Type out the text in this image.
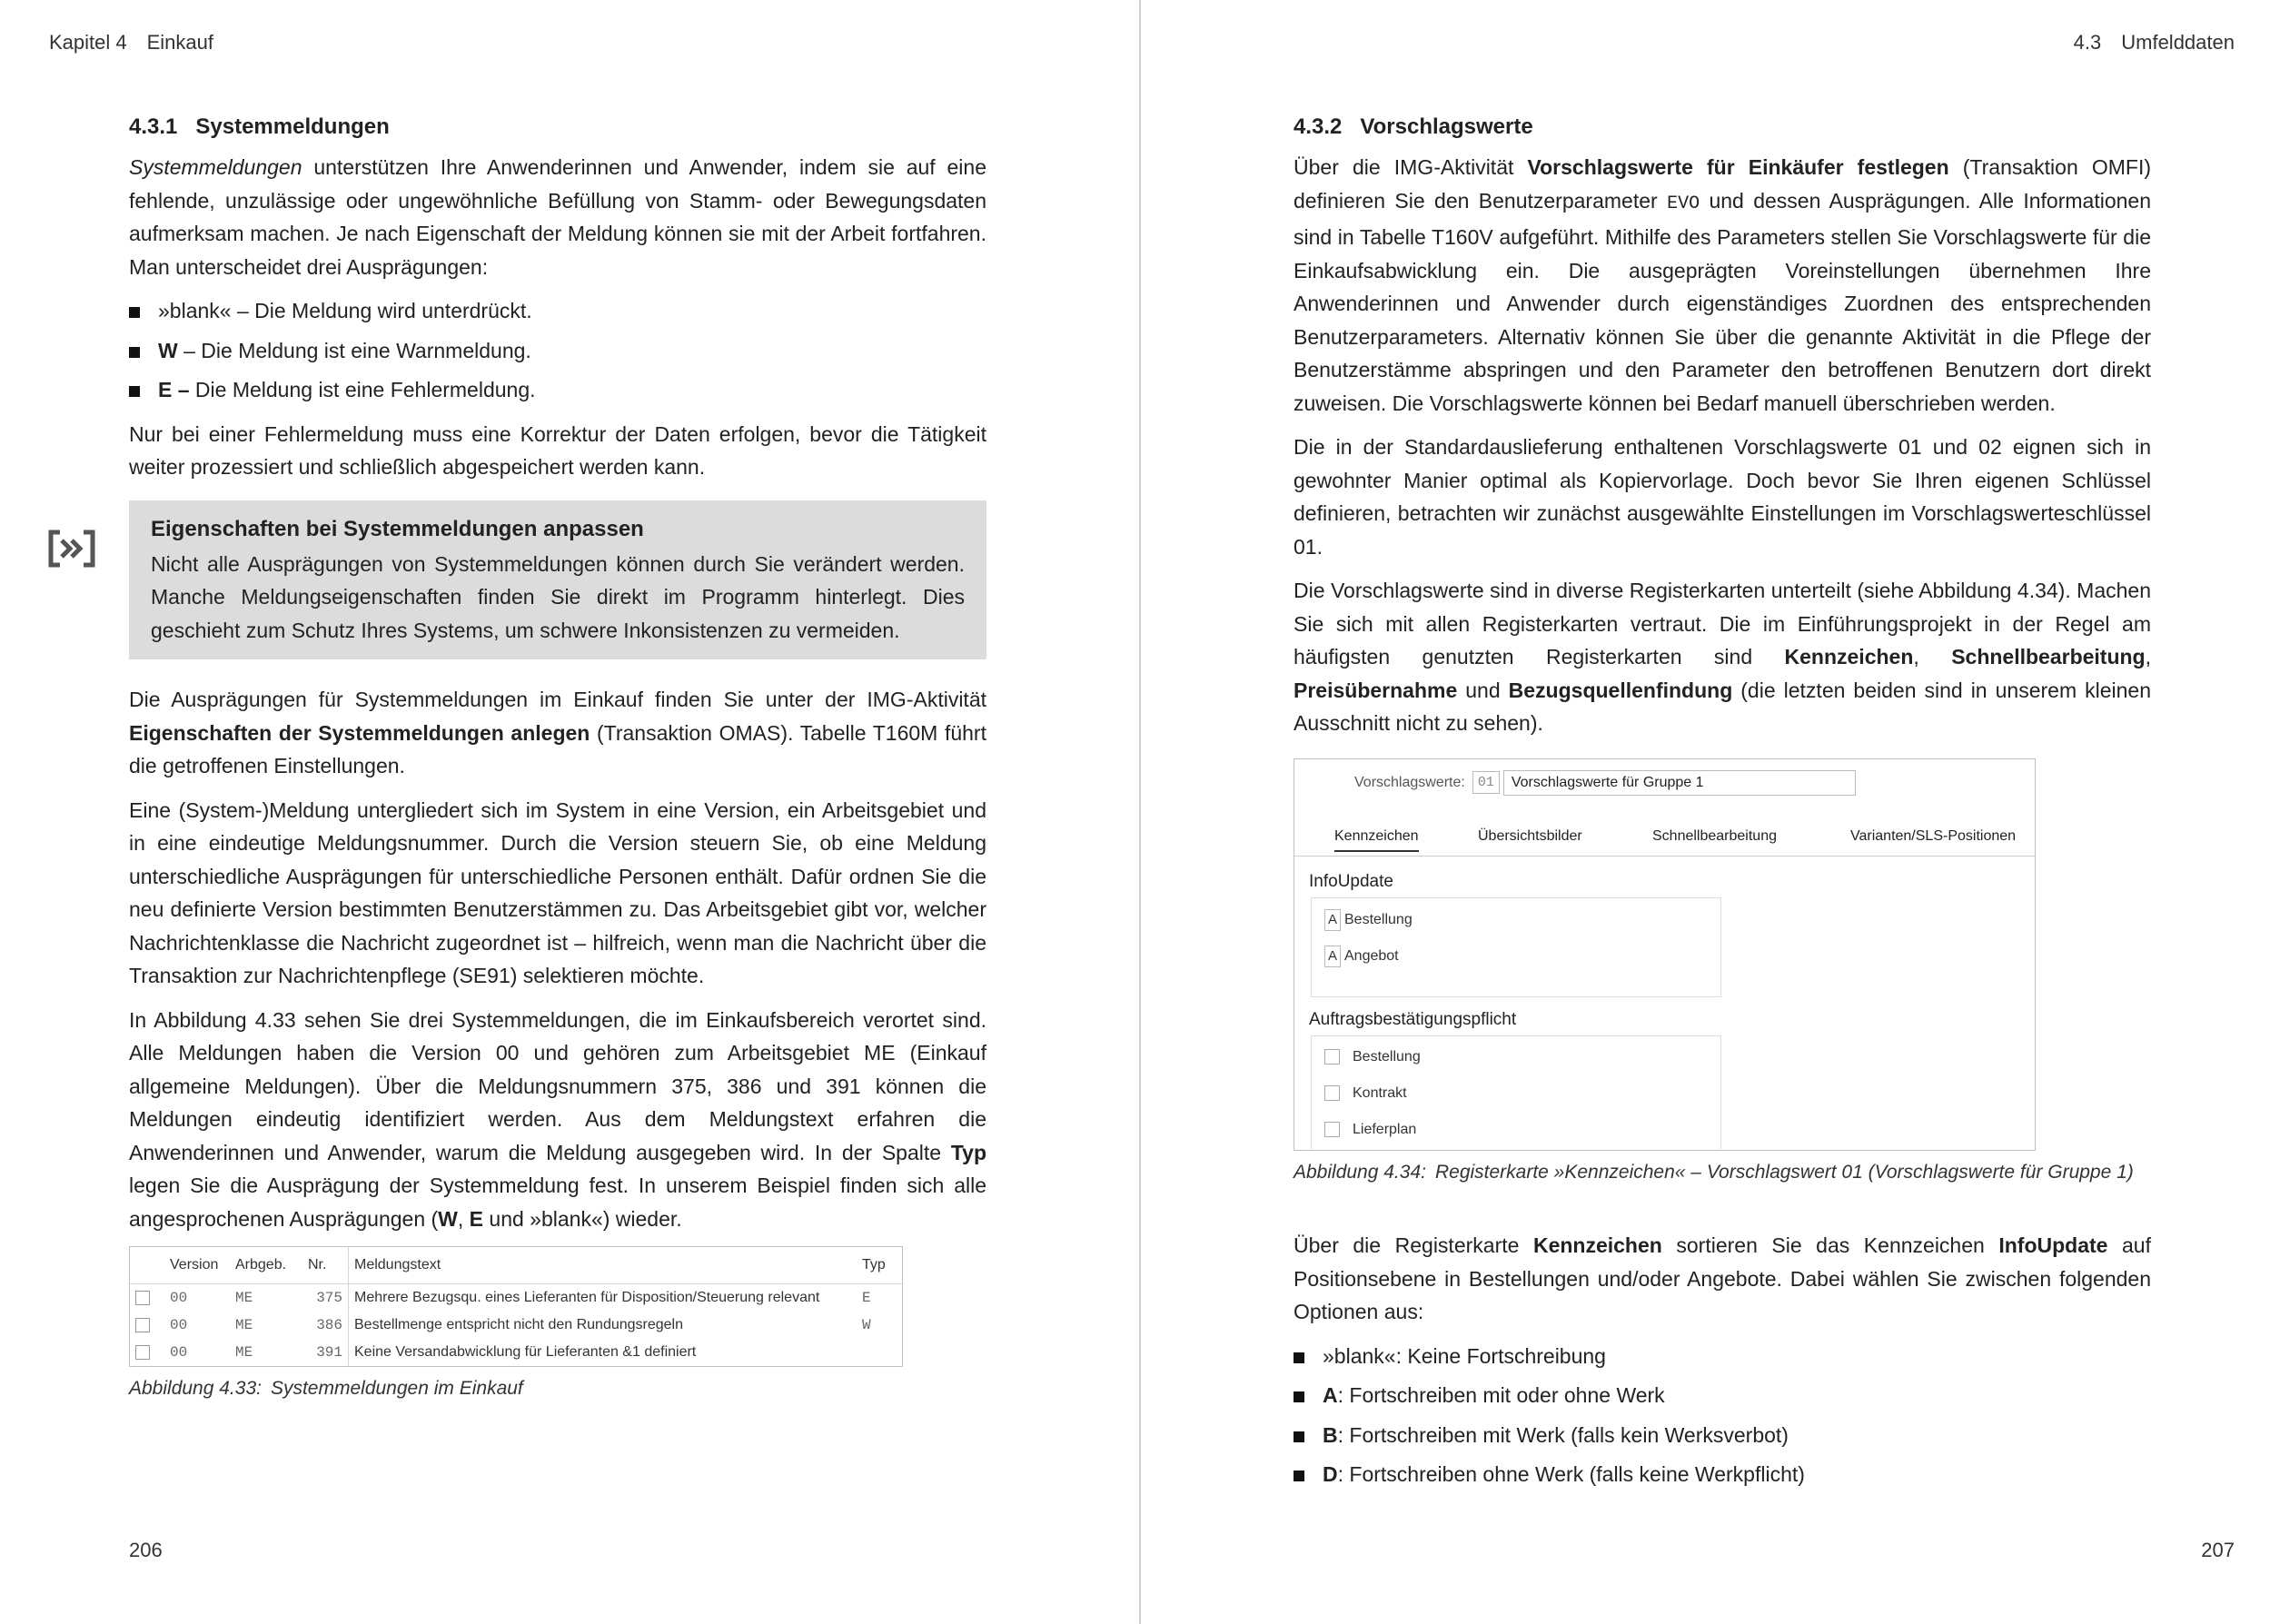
Kapitel 4 Einkauf
4.3.1 Systemmeldungen

Systemmeldungen unterstützen Ihre Anwenderinnen und Anwender, indem sie auf eine fehlende, unzulässige oder ungewöhnliche Befüllung von Stamm- oder Bewegungsdaten aufmerksam machen. Je nach Eigenschaft der Meldung können sie mit der Arbeit fortfahren. Man unterscheidet drei Ausprägungen:

»blank« – Die Meldung wird unterdrückt.
W – Die Meldung ist eine Warnmeldung.
E – Die Meldung ist eine Fehlermeldung.

Nur bei einer Fehlermeldung muss eine Korrektur der Daten erfolgen, bevor die Tätigkeit weiter prozessiert und schließlich abgespeichert werden kann.

Eigenschaften bei Systemmeldungen anpassen

Nicht alle Ausprägungen von Systemmeldungen können durch Sie verändert werden. Manche Meldungseigenschaften finden Sie direkt im Programm hinterlegt. Dies geschieht zum Schutz Ihres Systems, um schwere Inkonsistenzen zu vermeiden.

Die Ausprägungen für Systemmeldungen im Einkauf finden Sie unter der IMG-Aktivität Eigenschaften der Systemmeldungen anlegen (Transaktion OMAS). Tabelle T160M führt die getroffenen Einstellungen.

Eine (System-)Meldung untergliedert sich im System in eine Version, ein Arbeitsgebiet und in eine eindeutige Meldungsnummer. Durch die Version steuern Sie, ob eine Meldung unterschiedliche Ausprägungen für unterschiedliche Personen enthält. Dafür ordnen Sie die neu definierte Version bestimmten Benutzerstämmen zu. Das Arbeitsgebiet gibt vor, welcher Nachrichtenklasse die Nachricht zugeordnet ist – hilfreich, wenn man die Nachricht über die Transaktion zur Nachrichtenpflege (SE91) selektieren möchte.

In Abbildung 4.33 sehen Sie drei Systemmeldungen, die im Einkaufsbereich verortet sind. Alle Meldungen haben die Version 00 und gehören zum Arbeitsgebiet ME (Einkauf allgemeine Meldungen). Über die Meldungsnummern 375, 386 und 391 können die Meldungen eindeutig identifiziert werden. Aus dem Meldungstext erfahren die Anwenderinnen und Anwender, warum die Meldung ausgegeben wird. In der Spalte Typ legen Sie die Ausprägung der Systemmeldung fest. In unserem Beispiel finden sich alle angesprochenen Ausprägungen (W, E und »blank«) wieder.

	Version	Arbgeb.	Nr.	Meldungstext	Typ
	00	ME	375	Mehrere Bezugsqu. eines Lieferanten für Disposition/Steuerung relevant	E
	00	ME	386	Bestellmenge entspricht nicht den Rundungsregeln	W
	00	ME	391	Keine Versandabwicklung für Lieferanten &1 definiert	

Abbildung 4.33: Systemmeldungen im Einkauf

206
4.3 Umfelddaten
4.3.2 Vorschlagswerte

Über die IMG-Aktivität Vorschlagswerte für Einkäufer festlegen (Transaktion OMFI) definieren Sie den Benutzerparameter EVO und dessen Ausprägungen. Alle Informationen sind in Tabelle T160V aufgeführt. Mithilfe des Parameters stellen Sie Vorschlagswerte für die Einkaufsabwicklung ein. Die ausgeprägten Voreinstellungen übernehmen Ihre Anwenderinnen und Anwender durch eigenständiges Zuordnen des entsprechenden Benutzerparameters. Alternativ können Sie über die genannte Aktivität in die Pflege der Benutzerstämme abspringen und den Parameter den betroffenen Benutzern dort direkt zuweisen. Die Vorschlagswerte können bei Bedarf manuell überschrieben werden.

Die in der Standardauslieferung enthaltenen Vorschlagswerte 01 und 02 eignen sich in gewohnter Manier optimal als Kopiervorlage. Doch bevor Sie Ihren eigenen Schlüssel definieren, betrachten wir zunächst ausgewählte Einstellungen im Vorschlagswerteschlüssel 01.

Die Vorschlagswerte sind in diverse Registerkarten unterteilt (siehe Abbildung 4.34). Machen Sie sich mit allen Registerkarten vertraut. Die im Einführungsprojekt in der Regel am häufigsten genutzten Registerkarten sind Kennzeichen, Schnellbearbeitung, Preisübernahme und Bezugsquellenfindung (die letzten beiden sind in unserem kleinen Ausschnitt nicht zu sehen).

Vorschlagswerte: 01	Vorschlagswerte für Gruppe 1
Kennzeichen	Übersichtsbilder	Schnellbearbeitung	Varianten/SLS-Positionen
InfoUpdate
A Bestellung
A Angebot
Auftragsbestätigungspflicht
Bestellung
Kontrakt
Lieferplan

Abbildung 4.34: Registerkarte »Kennzeichen« – Vorschlagswert 01 (Vorschlagswerte für Gruppe 1)

Über die Registerkarte Kennzeichen sortieren Sie das Kennzeichen InfoUpdate auf Positionsebene in Bestellungen und/oder Angebote. Dabei wählen Sie zwischen folgenden Optionen aus:

»blank«: Keine Fortschreibung
A: Fortschreiben mit oder ohne Werk
B: Fortschreiben mit Werk (falls kein Werksverbot)
D: Fortschreiben ohne Werk (falls keine Werkpflicht)
207
